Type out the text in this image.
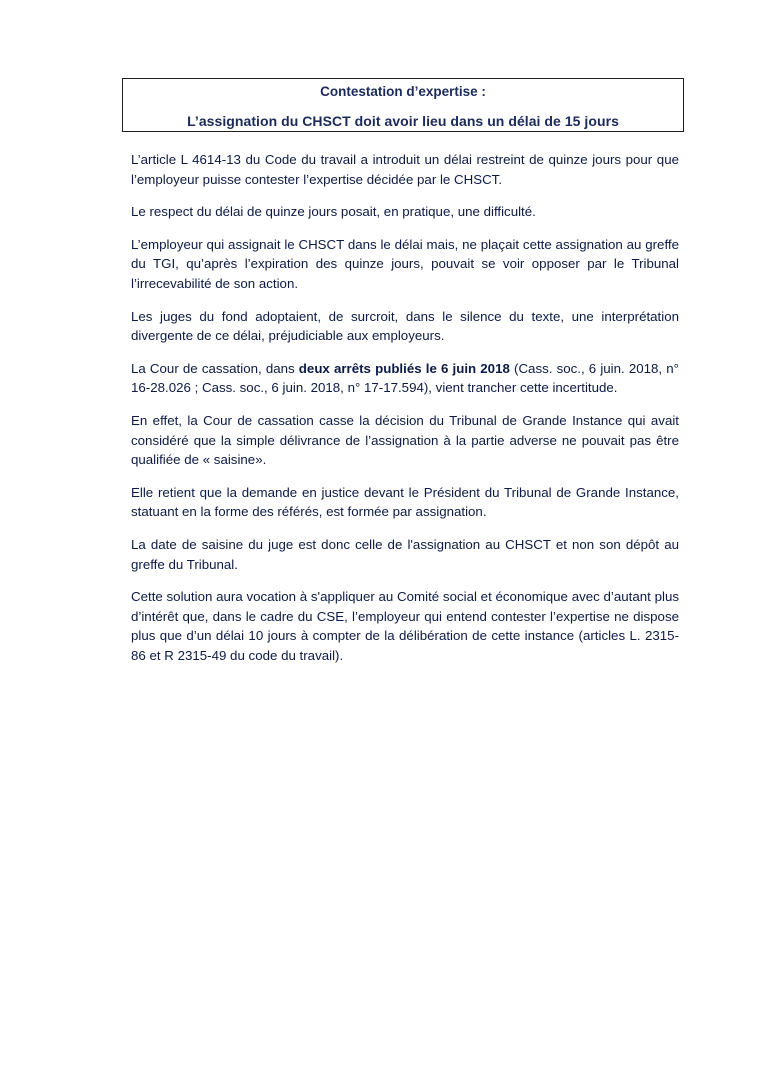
Contestation d’expertise :
L’assignation du CHSCT doit avoir lieu dans un délai de 15 jours

L’article L 4614-13 du Code du travail a introduit un délai restreint de quinze jours pour que l’employeur puisse contester l’expertise décidée par le CHSCT.

Le respect du délai de quinze jours posait, en pratique, une difficulté.

L’employeur qui assignait le CHSCT dans le délai mais, ne plaçait cette assignation au greffe du TGI, qu’après l’expiration des quinze jours, pouvait se voir opposer par le Tribunal l’irrecevabilité de son action.

Les juges du fond adoptaient, de surcroit, dans le silence du texte, une interprétation divergente de ce délai, préjudiciable aux employeurs.

La Cour de cassation, dans deux arrêts publiés le 6 juin 2018 (Cass. soc., 6 juin. 2018, n° 16-28.026 ; Cass. soc., 6 juin. 2018, n° 17-17.594), vient trancher cette incertitude.

En effet, la Cour de cassation casse la décision du Tribunal de Grande Instance qui avait considéré que la simple délivrance de l’assignation à la partie adverse ne pouvait pas être qualifiée de « saisine».

Elle retient que la demande en justice devant le Président du Tribunal de Grande Instance, statuant en la forme des référés, est formée par assignation.

La date de saisine du juge est donc celle de l'assignation au CHSCT et non son dépôt au greffe du Tribunal.

Cette solution aura vocation à s'appliquer au Comité social et économique avec d’autant plus d’intérêt que, dans le cadre du CSE, l’employeur qui entend contester l’expertise ne dispose plus que d’un délai 10 jours à compter de la délibération de cette instance (articles L. 2315-86 et R 2315-49 du code du travail).
